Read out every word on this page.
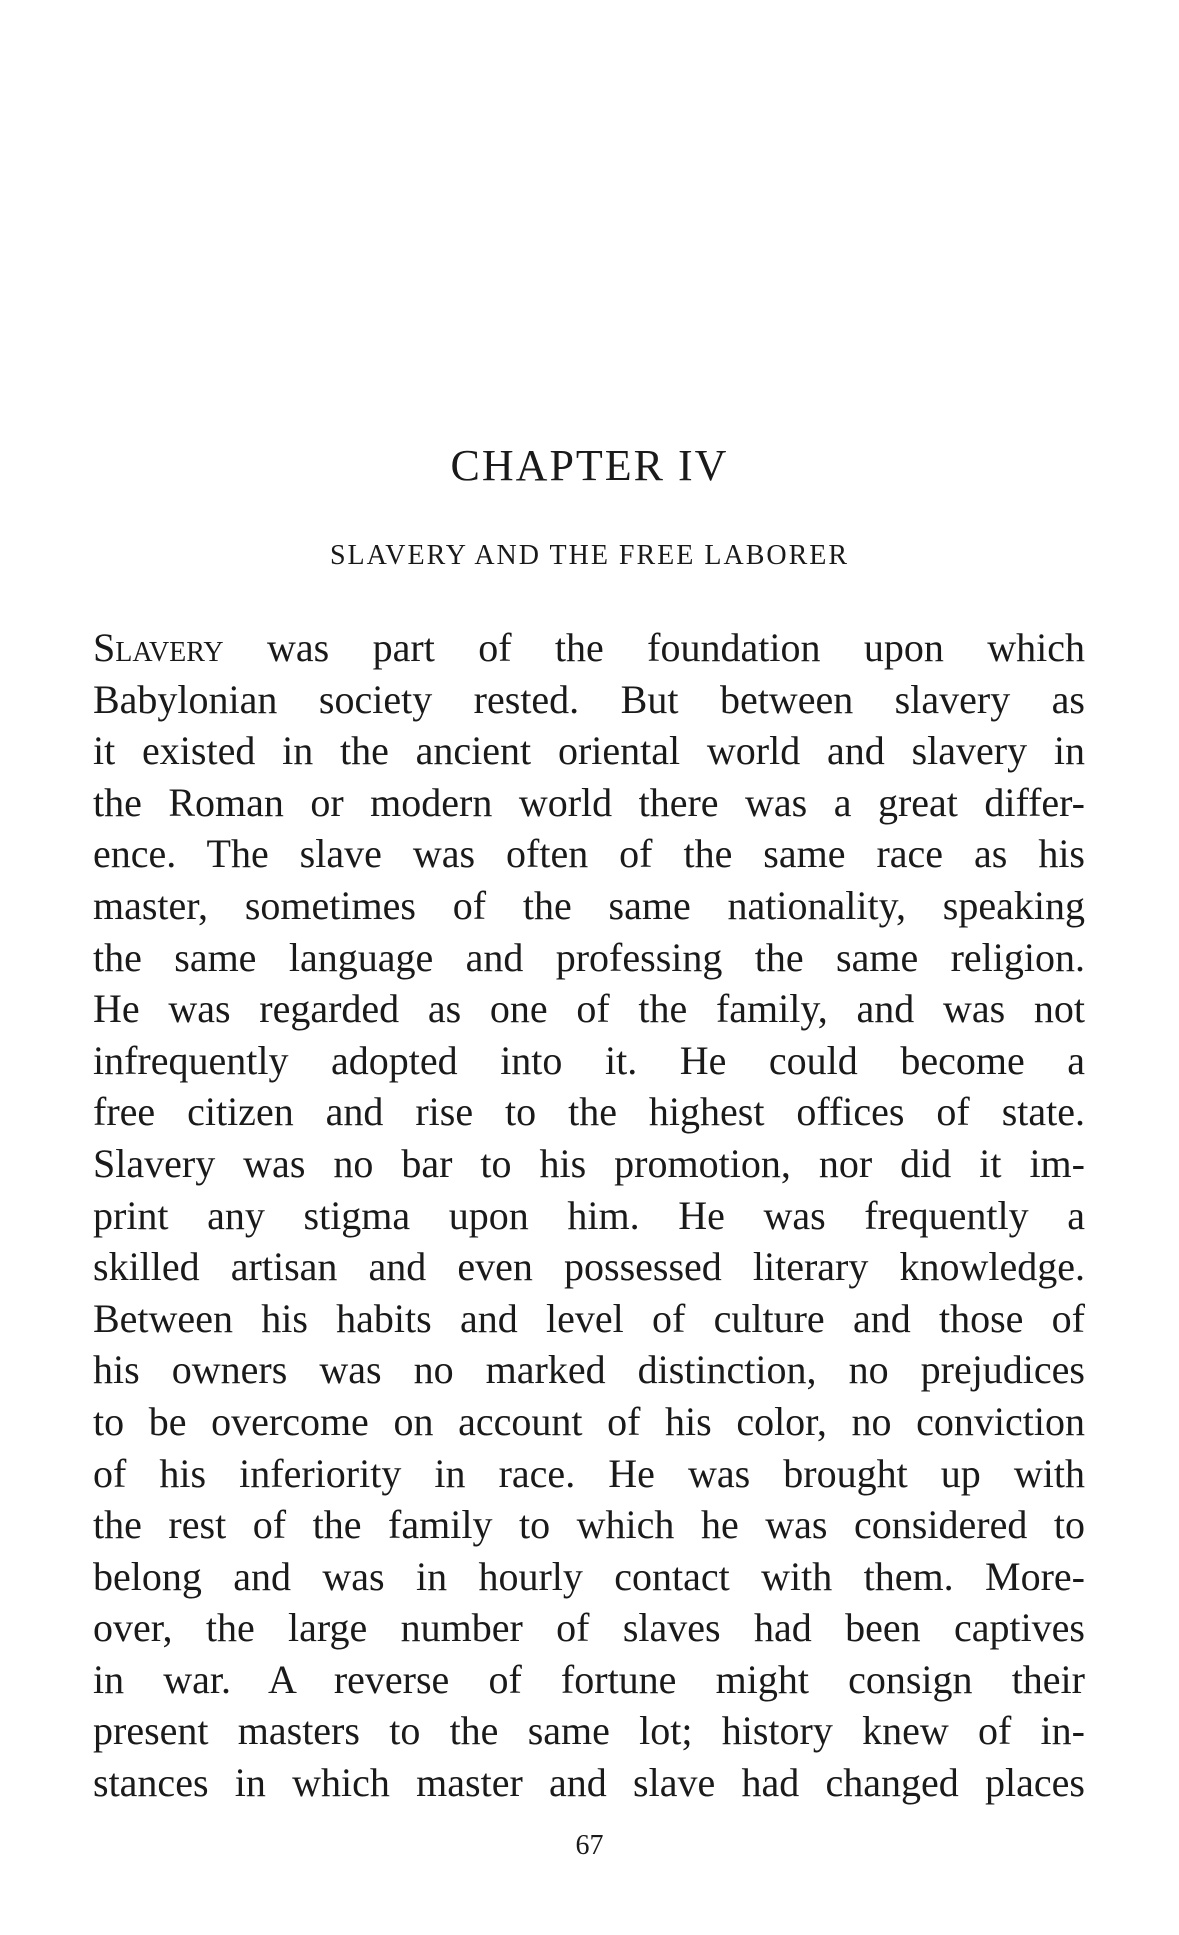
CHAPTER IV
SLAVERY AND THE FREE LABORER
Slavery was part of the foundation upon which
Babylonian society rested. But between slavery as
it existed in the ancient oriental world and slavery in
the Roman or modern world there was a great differ-
ence. The slave was often of the same race as his
master, sometimes of the same nationality, speaking
the same language and professing the same religion.
He was regarded as one of the family, and was not
infrequently adopted into it. He could become a
free citizen and rise to the highest offices of state.
Slavery was no bar to his promotion, nor did it im-
print any stigma upon him. He was frequently a
skilled artisan and even possessed literary knowledge.
Between his habits and level of culture and those of
his owners was no marked distinction, no prejudices
to be overcome on account of his color, no conviction
of his inferiority in race. He was brought up with
the rest of the family to which he was considered to
belong and was in hourly contact with them. More-
over, the large number of slaves had been captives
in war. A reverse of fortune might consign their
present masters to the same lot; history knew of in-
stances in which master and slave had changed places

67
